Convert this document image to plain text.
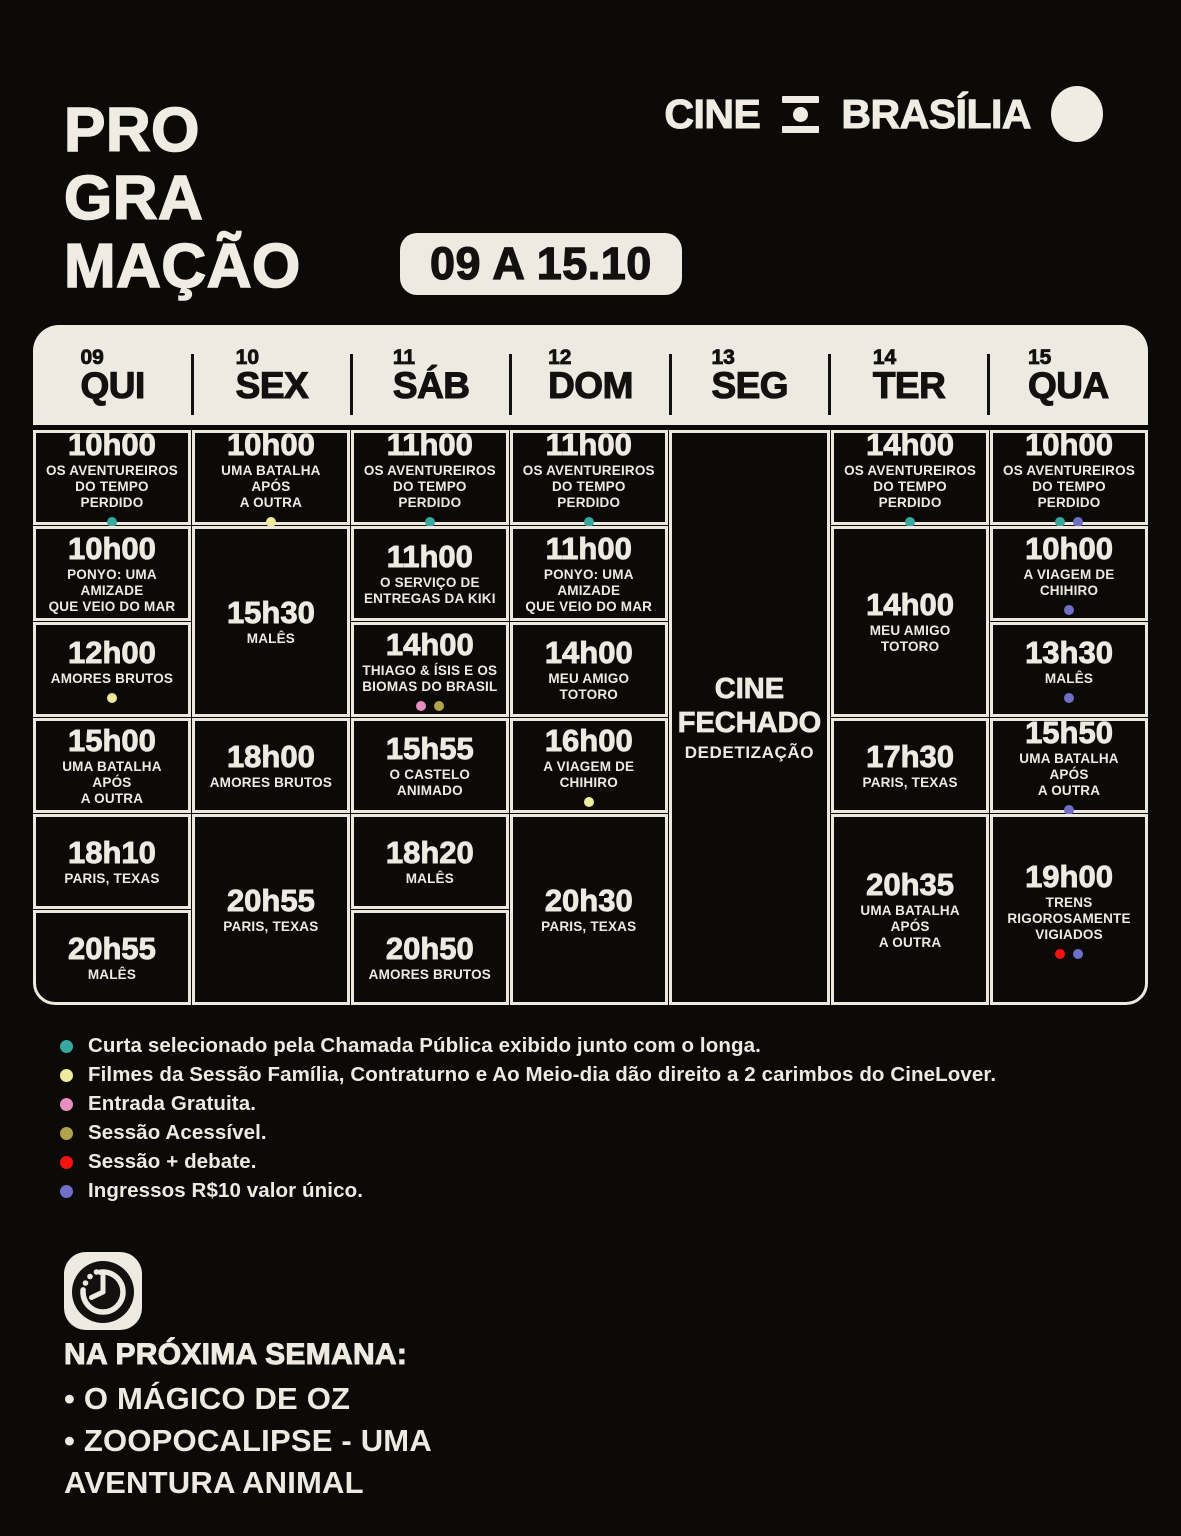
PRO
GRA
MAÇÃO	09 A 15.10
CINE BRASÍLIA
09
QUI
10
SEX
11
SÁB
12
DOM
13
SEG
14
TER
15
QUA
10h00
OS AVENTUREIROS
DO TEMPO PERDIDO
10h00
PONYO: UMA AMIZADE
QUE VEIO DO MAR
12h00
AMORES BRUTOS
15h00
UMA BATALHA APÓS
A OUTRA
18h10
PARIS, TEXAS
20h55
MALÊS
10h00
UMA BATALHA APÓS
A OUTRA
15h30
MALÊS
18h00
AMORES BRUTOS
20h55
PARIS, TEXAS
11h00
OS AVENTUREIROS
DO TEMPO PERDIDO
11h00
O SERVIÇO DE
ENTREGAS DA KIKI
14h00
THIAGO & ÍSIS E OS
BIOMAS DO BRASIL
15h55
O CASTELO
ANIMADO
18h20
MALÊS
20h50
AMORES BRUTOS
11h00
OS AVENTUREIROS
DO TEMPO PERDIDO
11h00
PONYO: UMA AMIZADE
QUE VEIO DO MAR
14h00
MEU AMIGO
TOTORO
16h00
A VIAGEM DE
CHIHIRO
20h30
PARIS, TEXAS
CINE
FECHADO
DEDETIZAÇÃO
14h00
OS AVENTUREIROS
DO TEMPO PERDIDO
14h00
MEU AMIGO
TOTORO
17h30
PARIS, TEXAS
20h35
UMA BATALHA APÓS
A OUTRA
10h00
OS AVENTUREIROS
DO TEMPO PERDIDO
10h00
A VIAGEM DE
CHIHIRO
13h30
MALÊS
15h50
UMA BATALHA APÓS
A OUTRA
19h00
TRENS RIGOROSAMENTE
VIGIADOS
Curta selecionado pela Chamada Pública exibido junto com o longa.
Filmes da Sessão Família, Contraturno e Ao Meio-dia dão direito a 2 carimbos do CineLover.
Entrada Gratuita.
Sessão Acessível.
Sessão + debate.
Ingressos R$10 valor único.
NA PRÓXIMA SEMANA:
• O MÁGICO DE OZ
• ZOOPOCALIPSE - UMA AVENTURA ANIMAL
